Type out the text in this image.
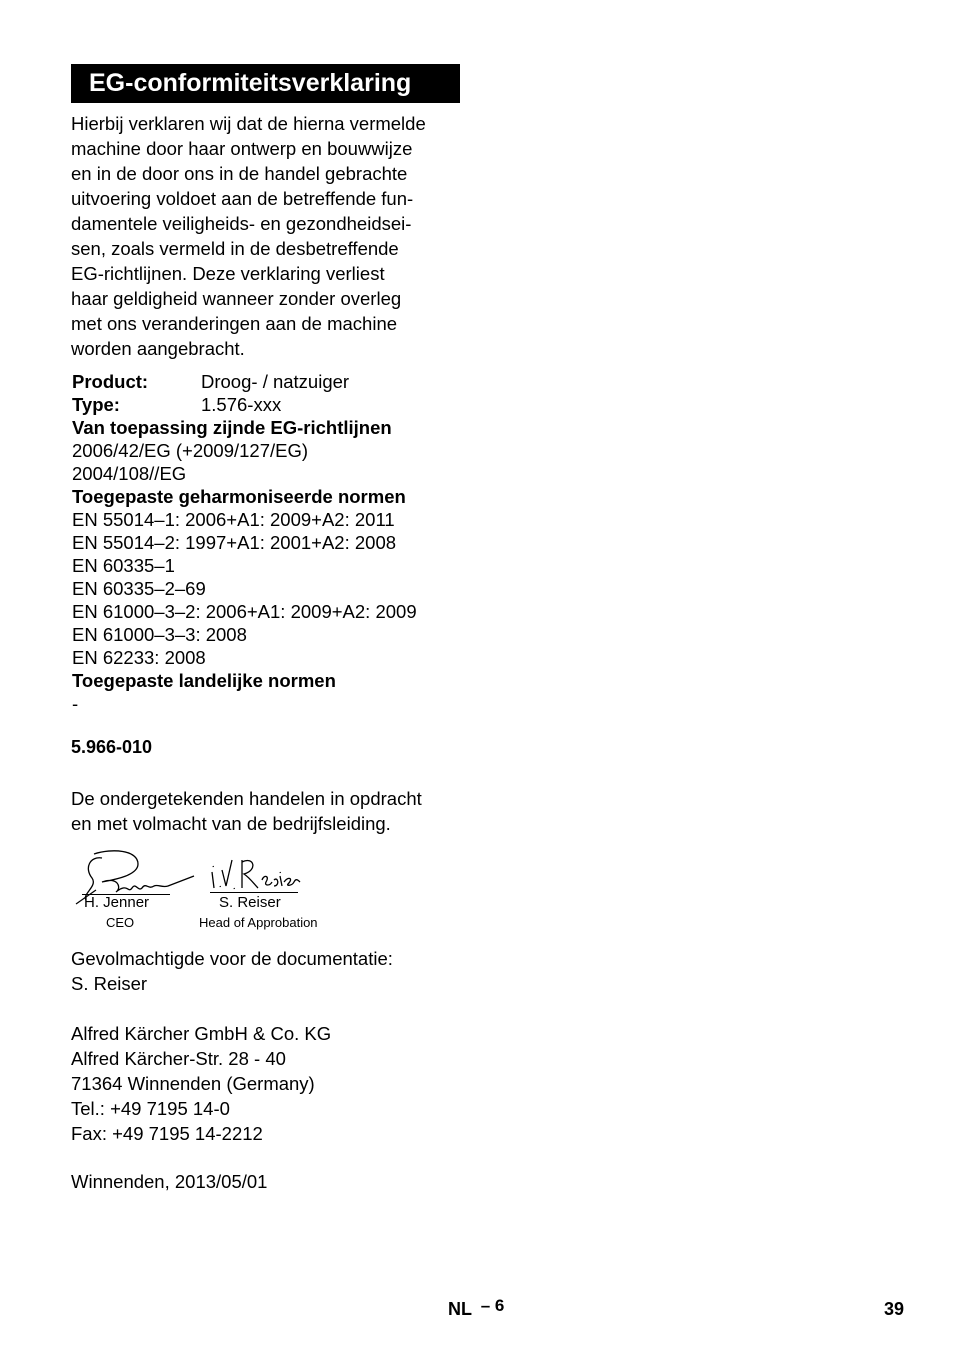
EG-conformiteitsverklaring
Hierbij verklaren wij dat de hierna vermelde
machine door haar ontwerp en bouwwijze
en in de door ons in de handel gebrachte
uitvoering voldoet aan de betreffende fun-
damentele veiligheids- en gezondheidsei-
sen, zoals vermeld in de desbetreffende
EG-richtlijnen. Deze verklaring verliest
haar geldigheid wanneer zonder overleg
met ons veranderingen aan de machine
worden aangebracht.
Product:	Droog- / natzuiger
Type:	1.576-xxx
Van toepassing zijnde EG-richtlijnen
2006/42/EG (+2009/127/EG)
2004/108//EG
Toegepaste geharmoniseerde normen
EN 55014–1: 2006+A1: 2009+A2: 2011
EN 55014–2: 1997+A1: 2001+A2: 2008
EN 60335–1
EN 60335–2–69
EN 61000–3–2: 2006+A1: 2009+A2: 2009
EN 61000–3–3: 2008
EN 62233: 2008
Toegepaste landelijke normen
-
5.966-010
De ondergetekenden handelen in opdracht
en met volmacht van de bedrijfsleiding.
H. Jenner
CEO
S. Reiser
Head of Approbation
Gevolmachtigde voor de documentatie:
S. Reiser
Alfred Kärcher GmbH & Co. KG
Alfred Kärcher-Str. 28 - 40
71364 Winnenden (Germany)
Tel.: +49 7195 14-0
Fax: +49 7195 14-2212
Winnenden, 2013/05/01
NL – 6	39
